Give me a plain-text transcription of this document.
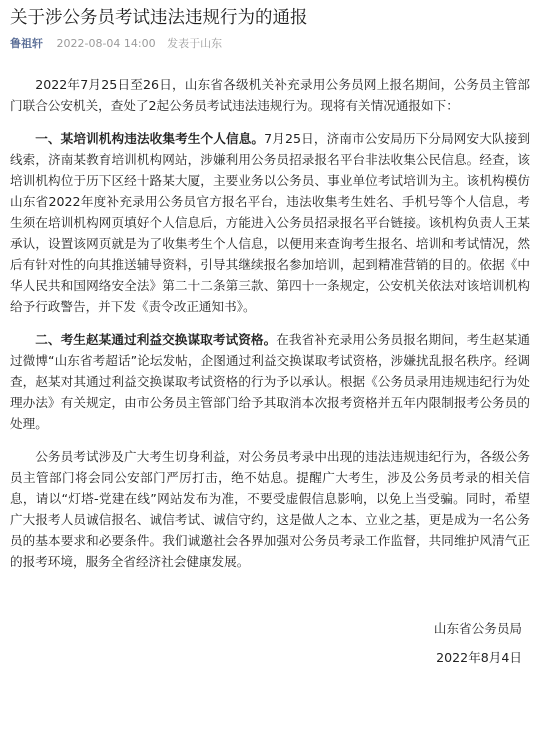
关于涉公务员考试违法违规行为的通报
鲁祖轩 2022-08-04 14:00 发表于山东

2022年7月25日至26日，山东省各级机关补充录用公务员网上报名期间，公务员主管部门联合公安机关，查处了2起公务员考试违法违规行为。现将有关情况通报如下：

一、某培训机构违法收集考生个人信息。7月25日，济南市公安局历下分局网安大队接到线索，济南某教育培训机构网站，涉嫌利用公务员招录报名平台非法收集公民信息。经查，该培训机构位于历下区经十路某大厦，主要业务以公务员、事业单位考试培训为主。该机构模仿山东省2022年度补充录用公务员官方报名平台，违法收集考生姓名、手机号等个人信息，考生须在培训机构网页填好个人信息后，方能进入公务员招录报名平台链接。该机构负责人王某承认，设置该网页就是为了收集考生个人信息，以便用来查询考生报名、培训和考试情况，然后有针对性的向其推送辅导资料，引导其继续报名参加培训，起到精准营销的目的。依据《中华人民共和国网络安全法》第二十二条第三款、第四十一条规定，公安机关依法对该培训机构给予行政警告，并下发《责令改正通知书》。

二、考生赵某通过利益交换谋取考试资格。在我省补充录用公务员报名期间，考生赵某通过微博“山东省考超话”论坛发帖，企图通过利益交换谋取考试资格，涉嫌扰乱报名秩序。经调查，赵某对其通过利益交换谋取考试资格的行为予以承认。根据《公务员录用违规违纪行为处理办法》有关规定，由市公务员主管部门给予其取消本次报考资格并五年内限制报考公务员的处理。

公务员考试涉及广大考生切身利益，对公务员考录中出现的违法违规违纪行为，各级公务员主管部门将会同公安部门严厉打击，绝不姑息。提醒广大考生，涉及公务员考录的相关信息，请以“灯塔-党建在线”网站发布为准，不要受虚假信息影响，以免上当受骗。同时，希望广大报考人员诚信报名、诚信考试、诚信守约，这是做人之本、立业之基，更是成为一名公务员的基本要求和必要条件。我们诚邀社会各界加强对公务员考录工作监督，共同维护风清气正的报考环境，服务全省经济社会健康发展。

山东省公务员局
2022年8月4日
